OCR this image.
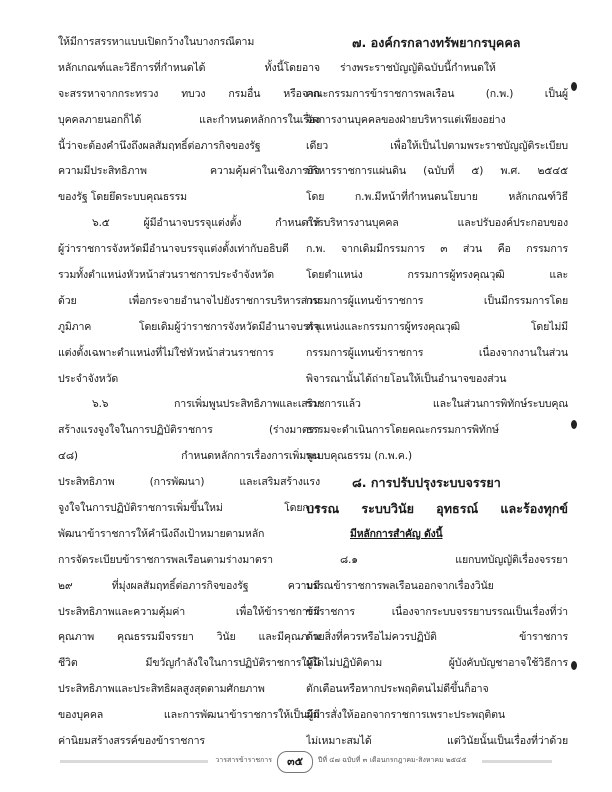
ให้มีการสรรหาแบบเปิดกว้างในบางกรณีตาม
หลักเกณฑ์และวิธีการที่กำหนดได้ ทั้งนี้โดยอาจ
จะสรรหาจากกระทรวง ทบวง กรมอื่น หรือจาก
บุคคลภายนอกก็ได้ และกำหนดหลักการในเรื่อง
นี้ว่าจะต้องคำนึงถึงผลสัมฤทธิ์ต่อภารกิจของรัฐ
ความมีประสิทธิภาพ ความคุ้มค่าในเชิงภารกิจ
ของรัฐ โดยยึดระบบคุณธรรม
๖.๕ ผู้มีอำนาจบรรจุแต่งตั้ง กำหนดให้
ผู้ว่าราชการจังหวัดมีอำนาจบรรจุแต่งตั้งเท่ากับอธิบดี
รวมทั้งตำแหน่งหัวหน้าส่วนราชการประจำจังหวัด
ด้วย เพื่อกระจายอำนาจไปยังราชการบริหารส่วน
ภูมิภาค โดยเดิมผู้ว่าราชการจังหวัดมีอำนาจบรรจุ
แต่งตั้งเฉพาะตำแหน่งที่ไม่ใช่หัวหน้าส่วนราชการ
ประจำจังหวัด
๖.๖ การเพิ่มพูนประสิทธิภาพและเสริม
สร้างแรงจูงใจในการปฏิบัติราชการ (ร่างมาตรา
๔๘) กำหนดหลักการเรื่องการเพิ่มพูน
ประสิทธิภาพ (การพัฒนา) และเสริมสร้างแรง
จูงใจในการปฏิบัติราชการเพิ่มขึ้นใหม่ โดยการ
พัฒนาข้าราชการให้คำนึงถึงเป้าหมายตามหลัก
การจัดระเบียบข้าราชการพลเรือนตามร่างมาตรา
๒๙ ที่มุ่งผลสัมฤทธิ์ต่อภารกิจของรัฐ ความมี
ประสิทธิภาพและความคุ้มค่า เพื่อให้ข้าราชการมี
คุณภาพ คุณธรรมมีจรรยา วินัย และมีคุณภาพ
ชีวิต มีขวัญกำลังใจในการปฏิบัติราชการให้มี
ประสิทธิภาพและประสิทธิผลสูงสุดตามศักยภาพ
ของบุคคล และการพัฒนาข้าราชการให้เป็นผู้มี
ค่านิยมสร้างสรรค์ของข้าราชการ
๗. องค์กรกลางทรัพยากรบุคคล
ร่างพระราชบัญญัติฉบับนี้กำหนดให้
คณะกรรมการข้าราชการพลเรือน (ก.พ.) เป็นผู้
จัดการงานบุคคลของฝ่ายบริหารแต่เพียงอย่าง
เดียว เพื่อให้เป็นไปตามพระราชบัญญัติระเบียบ
บริหารราชการแผ่นดิน (ฉบับที่ ๕) พ.ศ. ๒๕๔๕
โดย ก.พ.มีหน้าที่กำหนดนโยบาย หลักเกณฑ์วิธี
การบริหารงานบุคคล และปรับองค์ประกอบของ
ก.พ. จากเดิมมีกรรมการ ๓ ส่วน คือ กรรมการ
โดยตำแหน่ง กรรมการผู้ทรงคุณวุฒิ และ
กรรมการผู้แทนข้าราชการ เป็นมีกรรมการโดย
ตำแหน่งและกรรมการผู้ทรงคุณวุฒิ โดยไม่มี
กรรมการผู้แทนข้าราชการ เนื่องจากงานในส่วน
พิจารณานั้นได้ถ่ายโอนให้เป็นอำนาจของส่วน
ราชการแล้ว และในส่วนการพิทักษ์ระบบคุณ
ธรรมจะดำเนินการโดยคณะกรรมการพิทักษ์
ระบบคุณธรรม (ก.พ.ค.)
๘. การปรับปรุงระบบจรรยา
บรรณ ระบบวินัย อุทธรณ์ และร้องทุกข์
มีหลักการสำคัญ ดังนี้
๘.๑ แยกบทบัญญัติเรื่องจรรยา
บรรณข้าราชการพลเรือนออกจากเรื่องวินัย
ข้าราชการ เนื่องจากระบบจรรยาบรรณเป็นเรื่องที่ว่า
ด้วยสิ่งที่ควรหรือไม่ควรปฏิบัติ ข้าราชการ
ผู้ใดไม่ปฏิบัติตาม ผู้บังคับบัญชาอาจใช้วิธีการ
ตักเตือนหรือหากประพฤติตนไม่ดีขึ้นก็อาจ
มีการสั่งให้ออกจากราชการเพราะประพฤติตน
ไม่เหมาะสมได้ แต่วินัยนั้นเป็นเรื่องที่ว่าด้วย
วารสารข้าราชการ	๓๕	ปีที่ ๔๗ ฉบับที่ ๓ เดือนกรกฎาคม-สิงหาคม ๒๕๔๕
